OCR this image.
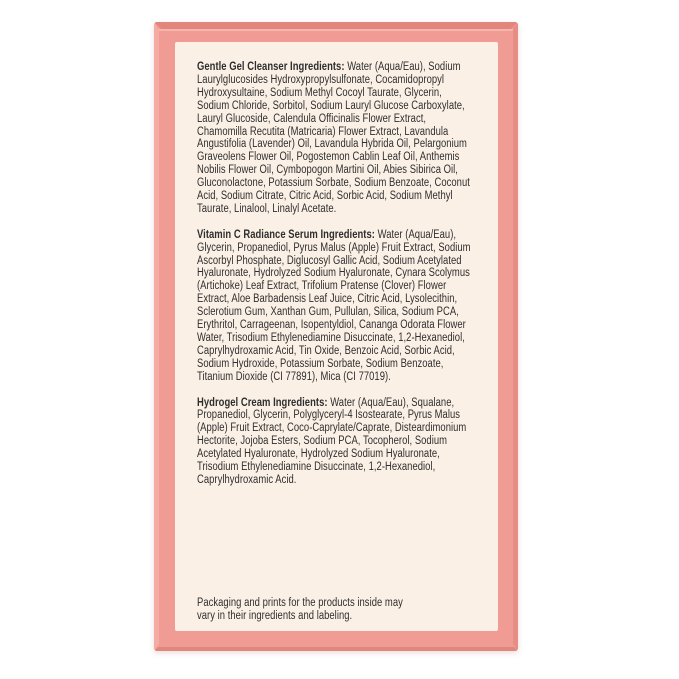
Gentle Gel Cleanser Ingredients: Water (Aqua/Eau), Sodium Laurylglucosides Hydroxypropylsulfonate, Cocamidopropyl Hydroxysultaine, Sodium Methyl Cocoyl Taurate, Glycerin, Sodium Chloride, Sorbitol, Sodium Lauryl Glucose Carboxylate, Lauryl Glucoside, Calendula Officinalis Flower Extract, Chamomilla Recutita (Matricaria) Flower Extract, Lavandula Angustifolia (Lavender) Oil, Lavandula Hybrida Oil, Pelargonium Graveolens Flower Oil, Pogostemon Cablin Leaf Oil, Anthemis Nobilis Flower Oil, Cymbopogon Martini Oil, Abies Sibirica Oil, Gluconolactone, Potassium Sorbate, Sodium Benzoate, Coconut Acid, Sodium Citrate, Citric Acid, Sorbic Acid, Sodium Methyl Taurate, Linalool, Linalyl Acetate.

Vitamin C Radiance Serum Ingredients: Water (Aqua/Eau), Glycerin, Propanediol, Pyrus Malus (Apple) Fruit Extract, Sodium Ascorbyl Phosphate, Diglucosyl Gallic Acid, Sodium Acetylated Hyaluronate, Hydrolyzed Sodium Hyaluronate, Cynara Scolymus (Artichoke) Leaf Extract, Trifolium Pratense (Clover) Flower Extract, Aloe Barbadensis Leaf Juice, Citric Acid, Lysolecithin, Sclerotium Gum, Xanthan Gum, Pullulan, Silica, Sodium PCA, Erythritol, Carrageenan, Isopentyldiol, Cananga Odorata Flower Water, Trisodium Ethylenediamine Disuccinate, 1,2-Hexanediol, Caprylhydroxamic Acid, Tin Oxide, Benzoic Acid, Sorbic Acid, Sodium Hydroxide, Potassium Sorbate, Sodium Benzoate, Titanium Dioxide (CI 77891), Mica (CI 77019).

Hydrogel Cream Ingredients: Water (Aqua/Eau), Squalane, Propanediol, Glycerin, Polyglyceryl-4 Isostearate, Pyrus Malus (Apple) Fruit Extract, Coco-Caprylate/Caprate, Disteardimonium Hectorite, Jojoba Esters, Sodium PCA, Tocopherol, Sodium Acetylated Hyaluronate, Hydrolyzed Sodium Hyaluronate, Trisodium Ethylenediamine Disuccinate, 1,2-Hexanediol, Caprylhydroxamic Acid.

Packaging and prints for the products inside may vary in their ingredients and labeling.
